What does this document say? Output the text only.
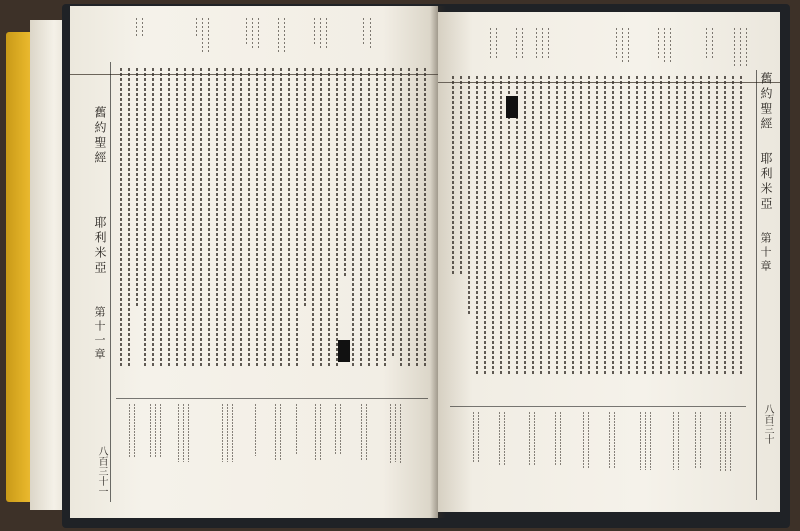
舊約聖經
耶利米亞
第十一章
八百三十一
舊約聖經
耶利米亞
第十章
八百三十
